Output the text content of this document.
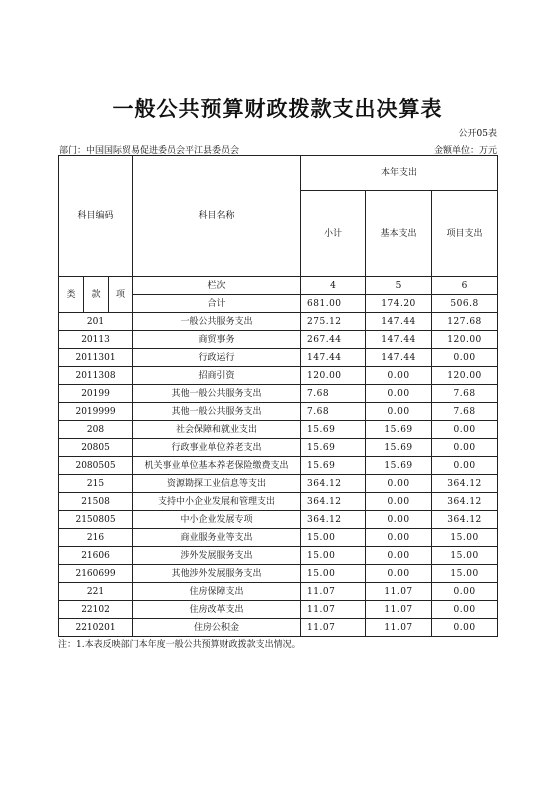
一般公共预算财政拨款支出决算表
公开05表
部门：中国国际贸易促进委员会平江县委员会	金额单位：万元
科目编码			科目名称	本年支出		
				小计	基本支出	项目支出

类	款	项	栏次	4	5	6
			合计	681.00	174.20	506.8
201			一般公共服务支出	275.12	147.44	127.68
20113			商贸事务	267.44	147.44	120.00
2011301			行政运行	147.44	147.44	0.00
2011308			招商引资	120.00	0.00	120.00
20199			其他一般公共服务支出	7.68	0.00	7.68
2019999			其他一般公共服务支出	7.68	0.00	7.68
208			社会保障和就业支出	15.69	15.69	0.00
20805			行政事业单位养老支出	15.69	15.69	0.00
2080505			机关事业单位基本养老保险缴费支出	15.69	15.69	0.00
215			资源勘探工业信息等支出	364.12	0.00	364.12
21508			支持中小企业发展和管理支出	364.12	0.00	364.12
2150805			中小企业发展专项	364.12	0.00	364.12
216			商业服务业等支出	15.00	0.00	15.00
21606			涉外发展服务支出	15.00	0.00	15.00
2160699			其他涉外发展服务支出	15.00	0.00	15.00
221			住房保障支出	11.07	11.07	0.00
22102			住房改革支出	11.07	11.07	0.00
2210201			住房公积金	11.07	11.07	0.00
注：1.本表反映部门本年度一般公共预算财政拨款支出情况。
